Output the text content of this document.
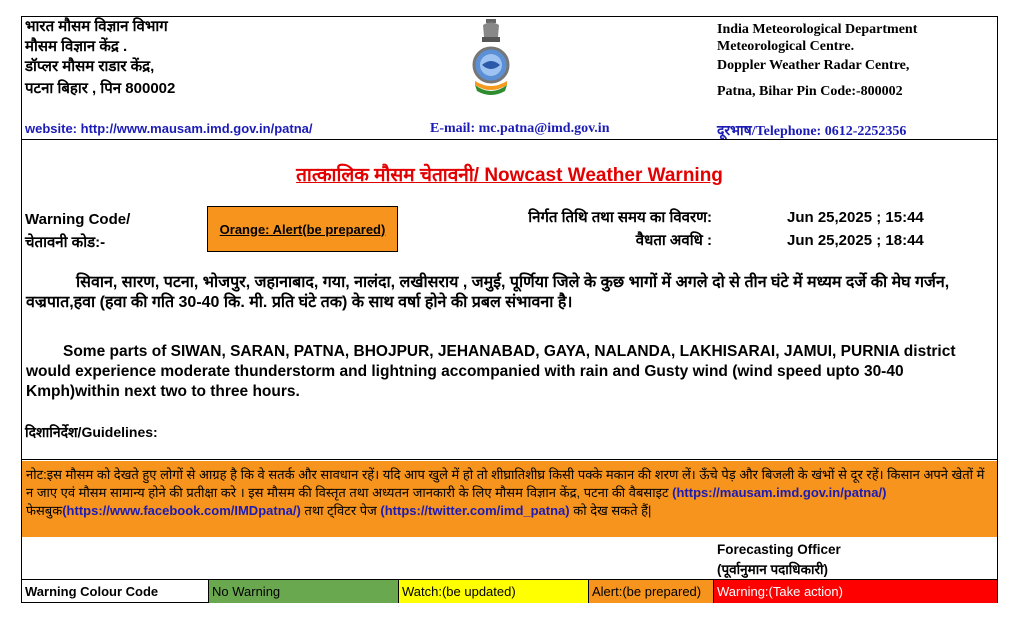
भारत मौसम विज्ञान विभाग
मौसम विज्ञान केंद्र .
डॉप्लर मौसम राडार केंद्र,
पटना बिहार , पिन 800002
India Meteorological Department
Meteorological Centre.
Doppler Weather Radar Centre,
Patna, Bihar Pin Code:-800002
website: http://www.mausam.imd.gov.in/patna/	E-mail: mc.patna@imd.gov.in	दूरभाष/Telephone: 0612-2252356
तात्कालिक मौसम चेतावनी/ Nowcast Weather Warning
Warning Code/
चेतावनी कोड:-
Orange: Alert(be prepared)
निर्गत तिथि तथा समय का विवरण:	Jun 25,2025 ; 15:44
वैधता अवधि :	Jun 25,2025 ; 18:44
सिवान, सारण, पटना, भोजपुर, जहानाबाद, गया, नालंदा, लखीसराय , जमुई, पूर्णिया जिले के कुछ भागों में अगले दो से तीन घंटे में मध्यम दर्जे की मेघ गर्जन, वज्रपात,हवा (हवा की गति 30-40 कि. मी. प्रति घंटे तक) के साथ वर्षा होने की प्रबल संभावना है।
Some parts of SIWAN, SARAN, PATNA, BHOJPUR, JEHANABAD, GAYA, NALANDA, LAKHISARAI, JAMUI, PURNIA district would experience moderate thunderstorm and lightning accompanied with rain and Gusty wind (wind speed upto 30-40 Kmph)within next two to three hours.
दिशानिर्देश/Guidelines:
नोट:इस मौसम को देखते हुए लोगों से आग्रह है कि वे सतर्क और सावधान रहें। यदि आप खुले में हो तो शीघ्रातिशीघ्र किसी पक्के मकान की शरण लें। ऊँचे पेड़ और बिजली के खंभों से दूर रहें। किसान अपने खेतों में न जाए एवं मौसम सामान्य होने की प्रतीक्षा करे । इस मौसम की विस्तृत तथा अध्यतन जानकारी के लिए मौसम विज्ञान केंद्र, पटना की वैबसाइट (https://mausam.imd.gov.in/patna/) फेसबुक(https://www.facebook.com/IMDpatna/) तथा ट्विटर पेज (https://twitter.com/imd_patna) को देख सकते हैं|
Forecasting Officer
(पूर्वानुमान पदाधिकारी)
Warning Colour Code	No Warning	Watch:(be updated)	Alert:(be prepared)	Warning:(Take action)
